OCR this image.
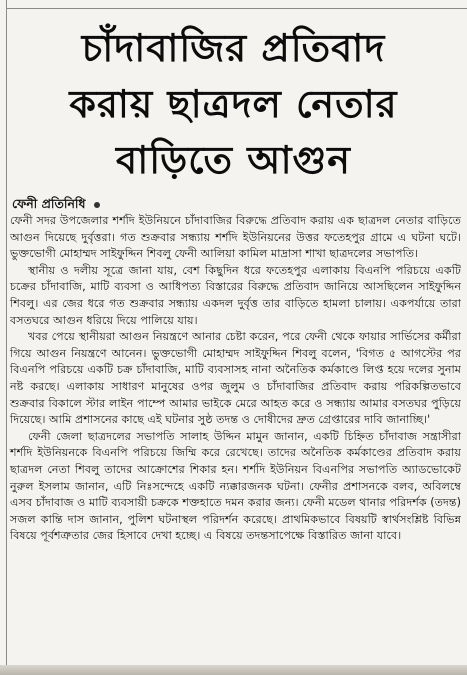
চাঁদাবাজির প্রতিবাদ
করায় ছাত্রদল নেতার
বাড়িতে আগুন
ফেনী প্রতিনিধি

ফেনী সদর উপজেলার শর্শদি ইউনিয়নে চাঁদাবাজির বিরুদ্ধে প্রতিবাদ করায় এক ছাত্রদল নেতার বাড়িতে আগুন দিয়েছে দুর্বৃত্তরা। গত শুক্রবার সন্ধ্যায় শর্শদি ইউনিয়নের উত্তর ফতেহপুর গ্রামে এ ঘটনা ঘটে। ভুক্তভোগী মোহাম্মদ সাইফুদ্দিন শিবলু ফেনী আলিয়া কামিল মাদ্রাসা শাখা ছাত্রদলের সভাপতি।

স্থানীয় ও দলীয় সূত্রে জানা যায়, বেশ কিছুদিন ধরে ফতেহপুর এলাকায় বিএনপি পরিচয়ে একটি চক্রের চাঁদাবাজি, মাটি ব্যবসা ও আধিপত্য বিস্তারের বিরুদ্ধে প্রতিবাদ জানিয়ে আসছিলেন সাইফুদ্দিন শিবলু। এর জের ধরে গত শুক্রবার সন্ধ্যায় একদল দুর্বৃত্ত তার বাড়িতে হামলা চালায়। একপর্যায়ে তারা বসতঘরে আগুন ধরিয়ে দিয়ে পালিয়ে যায়।

খবর পেয়ে স্থানীয়রা আগুন নিয়ন্ত্রণে আনার চেষ্টা করেন, পরে ফেনী থেকে ফায়ার সার্ভিসের কর্মীরা গিয়ে আগুন নিয়ন্ত্রণে আনেন। ভুক্তভোগী মোহাম্মদ সাইফুদ্দিন শিবলু বলেন, 'বিগত ৫ আগস্টের পর বিএনপি পরিচয়ে একটি চক্র চাঁদাবাজি, মাটি ব্যবসাসহ নানা অনৈতিক কর্মকাণ্ডে লিপ্ত হয়ে দলের সুনাম নষ্ট করছে। এলাকায় সাধারণ মানুষের ওপর জুলুম ও চাঁদাবাজির প্রতিবাদ করায় পরিকল্পিতভাবে শুক্রবার বিকালে স্টার লাইন পাম্পে আমার ভাইকে মেরে আহত করে ও সন্ধ্যায় আমার বসতঘর পুড়িয়ে দিয়েছে। আমি প্রশাসনের কাছে এই ঘটনার সুষ্ঠ তদন্ত ও দোষীদের দ্রুত গ্রেপ্তারের দাবি জানাচ্ছি।'

ফেনী জেলা ছাত্রদলের সভাপতি সালাহ উদ্দিন মামুন জানান, একটি চিহ্নিত চাঁদাবাজ সন্ত্রাসীরা শর্শদি ইউনিয়নকে বিএনপি পরিচয়ে জিম্মি করে রেখেছে। তাদের অনৈতিক কর্মকাণ্ডের প্রতিবাদ করায় ছাত্রদল নেতা শিবলু তাদের আক্রোশের শিকার হন। শর্শদি ইউনিয়ন বিএনপির সভাপতি অ্যাডভোকেট নুরুল ইসলাম জানান, এটি নিঃসন্দেহে একটি ন্যক্কারজনক ঘটনা। ফেনীর প্রশাসনকে বলব, অবিলম্বে এসব চাঁদাবাজ ও মাটি ব্যবসায়ী চক্রকে শক্তহাতে দমন করার জন্য। ফেনী মডেল থানার পরিদর্শক (তদন্ত) সজল কান্তি দাস জানান, পুলিশ ঘটনাস্থল পরিদর্শন করেছে। প্রাথমিকভাবে বিষয়টি স্বার্থসংশ্লিষ্ট বিভিন্ন বিষয়ে পূর্বশত্রুতার জের হিসাবে দেখা হচ্ছে। এ বিষয়ে তদন্তসাপেক্ষে বিস্তারিত জানা যাবে।
